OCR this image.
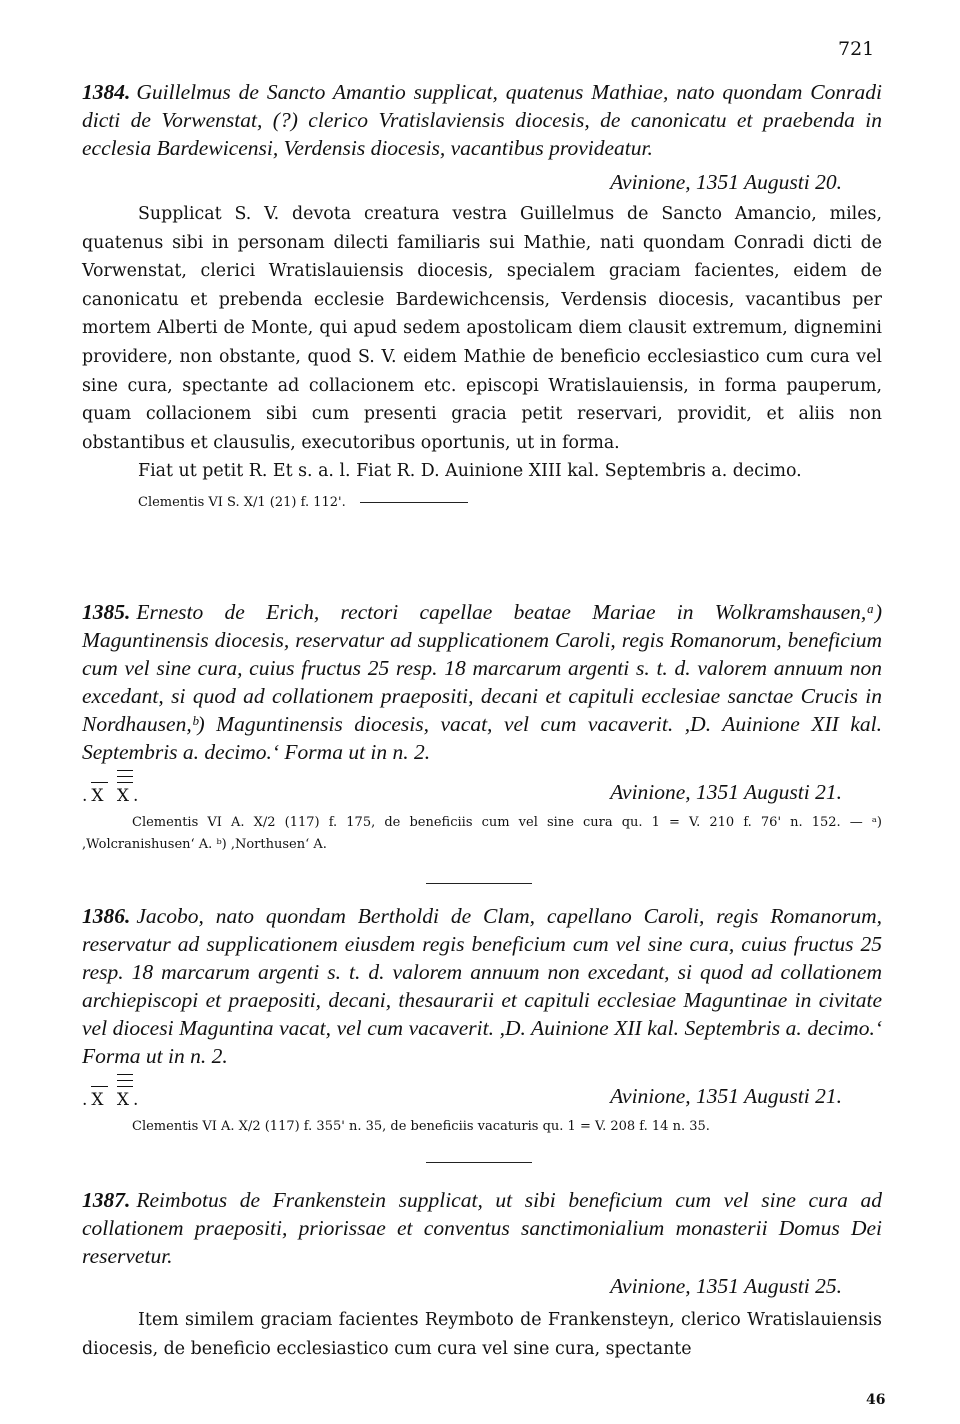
721

1384. Guillelmus de Sancto Amantio supplicat, quatenus Mathiae, nato quondam Conradi dicti de Vorwenstat, (?) clerico Vratislaviensis diocesis, de canonicatu et praebenda in ecclesia Bardewicensi, Verdensis diocesis, vacantibus provideatur.

Avinione, 1351 Augusti 20.

Supplicat S. V. devota creatura vestra Guillelmus de Sancto Amancio, miles, quatenus sibi in personam dilecti familiaris sui Mathie, nati quondam Conradi dicti de Vorwenstat, clerici Wratislauiensis diocesis, specialem graciam facientes, eidem de canonicatu et prebenda ecclesie Bardewichcensis, Verdensis diocesis, vacantibus per mortem Alberti de Monte, qui apud sedem apostolicam diem clausit extremum, dignemini providere, non obstante, quod S. V. eidem Mathie de beneficio ecclesiastico cum cura vel sine cura, spectante ad collacionem etc. episcopi Wratislauiensis, in forma pauperum, quam collacionem sibi cum presenti gracia petit reservari, providit, et aliis non obstantibus et clausulis, executoribus oportunis, ut in forma.

Fiat ut petit R. Et s. a. l. Fiat R. D. Auinione XIII kal. Septembris a. decimo.

Clementis VI S. X/1 (21) f. 112'.

1385. Ernesto de Erich, rectori capellae beatae Mariae in Wolkramshausen,ᵃ) Maguntinensis diocesis, reservatur ad supplicationem Caroli, regis Romanorum, beneficium cum vel sine cura, cuius fructus 25 resp. 18 marcarum argenti s. t. d. valorem annuum non excedant, si quod ad collationem praepositi, decani et capituli ecclesiae sanctae Crucis in Nordhausen,ᵇ) Maguntinensis diocesis, vacat, vel cum vacaverit. ,D. Auinione XII kal. Septembris a. decimo.‘ Forma ut in n. 2.

.X X.	Avinione, 1351 Augusti 21.

Clementis VI A. X/2 (117) f. 175, de beneficiis cum vel sine cura qu. 1 = V. 210 f. 76' n. 152. — ᵃ) ,Wolcranishusen‘ A. ᵇ) ,Northusen‘ A.

1386. Jacobo, nato quondam Bertholdi de Clam, capellano Caroli, regis Romanorum, reservatur ad supplicationem eiusdem regis beneficium cum vel sine cura, cuius fructus 25 resp. 18 marcarum argenti s. t. d. valorem annuum non excedant, si quod ad collationem archiepiscopi et praepositi, decani, thesaurarii et capituli ecclesiae Maguntinae in civitate vel diocesi Maguntina vacat, vel cum vacaverit. ,D. Auinione XII kal. Septembris a. decimo.‘ Forma ut in n. 2.

.X X.	Avinione, 1351 Augusti 21.

Clementis VI A. X/2 (117) f. 355' n. 35, de beneficiis vacaturis qu. 1 = V. 208 f. 14 n. 35.

1387. Reimbotus de Frankenstein supplicat, ut sibi beneficium cum vel sine cura ad collationem praepositi, priorissae et conventus sanctimonialium monasterii Domus Dei reservetur.

Avinione, 1351 Augusti 25.

Item similem graciam facientes Reymboto de Frankensteyn, clerico Wratislauiensis diocesis, de beneficio ecclesiastico cum cura vel sine cura, spectante

46
